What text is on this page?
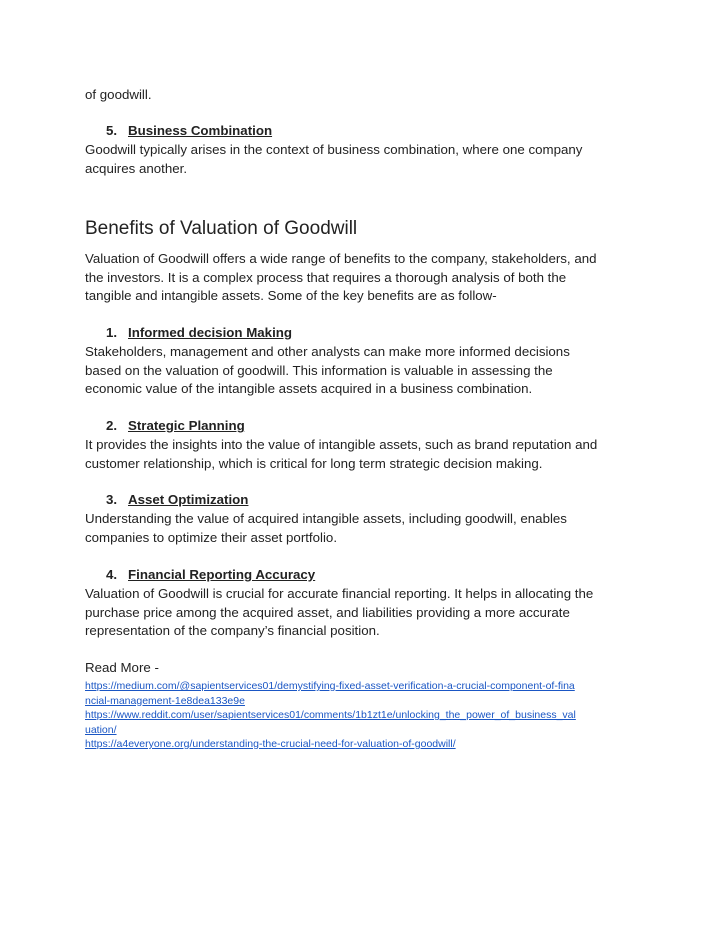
of goodwill.
5. Business Combination
Goodwill typically arises in the context of business combination, where one company
acquires another.
Benefits of Valuation of Goodwill
Valuation of Goodwill offers a wide range of benefits to the company, stakeholders, and
the investors. It is a complex process that requires a thorough analysis of both the
tangible and intangible assets. Some of the key benefits are as follow-
1. Informed decision Making
Stakeholders, management and other analysts can make more informed decisions
based on the valuation of goodwill. This information is valuable in assessing the
economic value of the intangible assets acquired in a business combination.
2. Strategic Planning
It provides the insights into the value of intangible assets, such as brand reputation and
customer relationship, which is critical for long term strategic decision making.
3. Asset Optimization
Understanding the value of acquired intangible assets, including goodwill, enables
companies to optimize their asset portfolio.
4. Financial Reporting Accuracy
Valuation of Goodwill is crucial for accurate financial reporting. It helps in allocating the
purchase price among the acquired asset, and liabilities providing a more accurate
representation of the company’s financial position.
Read More -
https://medium.com/@sapientservices01/demystifying-fixed-asset-verification-a-crucial-component-of-fina
ncial-management-1e8dea133e9e
https://www.reddit.com/user/sapientservices01/comments/1b1zt1e/unlocking_the_power_of_business_val
uation/
https://a4everyone.org/understanding-the-crucial-need-for-valuation-of-goodwill/
